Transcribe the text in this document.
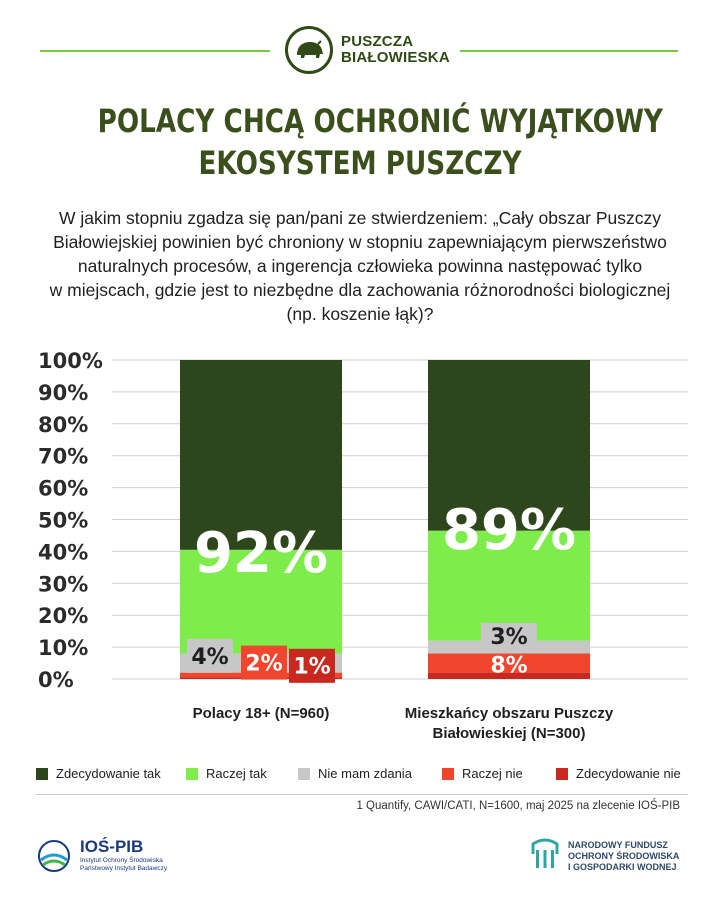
PUSZCZA
BIAŁOWIESKA
POLACY CHCĄ OCHRONIĆ WYJĄTKOWY
EKOSYSTEM PUSZCZY
W jakim stopniu zgadza się pan/pani ze stwierdzeniem: „Cały obszar Puszczy
Białowiejskiej powinien być chroniony w stopniu zapewniającym pierwszeństwo
naturalnych procesów, a ingerencja człowieka powinna następować tylko
w miejscach, gdzie jest to niezbędne dla zachowania różnorodności biologicznej
(np. koszenie łąk)?
0%
10%
20%
30%
40%
50%
60%
70%
80%
90%
100%
92% 89%
4% 2% 1%
3%
8%
Polacy 18+ (N=960)	Mieszkańcy obszaru Puszczy
Białowieskiej (N=300)
Zdecydowanie tak	Raczej tak	Nie mam zdania	Raczej nie	Zdecydowanie nie
1 Quantify, CAWI/CATI, N=1600, maj 2025 na zlecenie IOŚ-PIB
IOŚ-PIB
Instytut Ochrony Środowiska
Państwowy Instytut Badawczy
NARODOWY FUNDUSZ
OCHRONY ŚRODOWISKA
I GOSPODARKI WODNEJ
